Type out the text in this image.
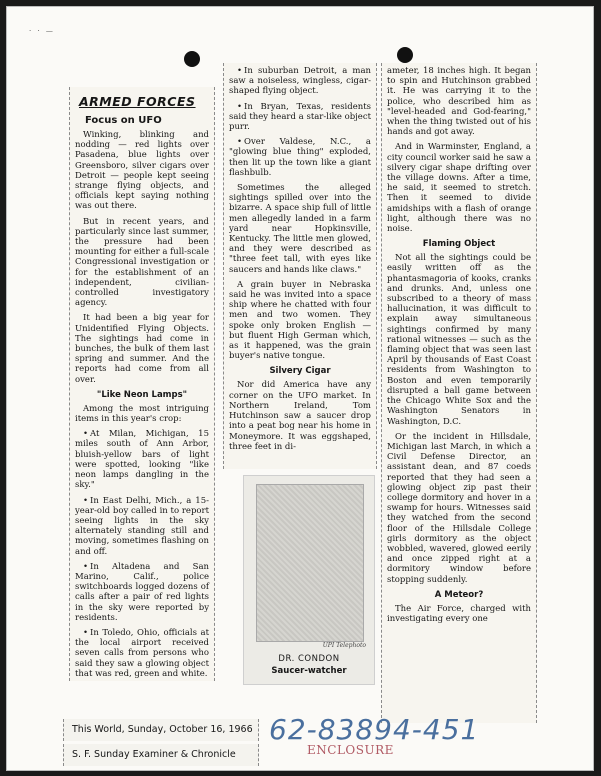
· · —
ARMED FORCES
Focus on UFO

Winking, blinking and nodding — red lights over Pasadena, blue lights over Greensboro, silver cigars over Detroit — people kept seeing strange flying objects, and officials kept saying nothing was out there.

But in recent years, and particularly since last summer, the pressure had been mounting for either a full-scale Congressional investigation or for the establishment of an independent, civilian-controlled investigatory agency.

It had been a big year for Unidentified Flying Objects. The sightings had come in bunches, the bulk of them last spring and summer. And the reports had come from all over.

"Like Neon Lamps"

Among the most intriguing items in this year's crop:

• At Milan, Michigan, 15 miles south of Ann Arbor, bluish-yellow bars of light were spotted, looking "like neon lamps dangling in the sky."

• In East Delhi, Mich., a 15-year-old boy called in to report seeing lights in the sky alternately standing still and moving, sometimes flashing on and off.

• In Altadena and San Marino, Calif., police switchboards logged dozens of calls after a pair of red lights in the sky were reported by residents.

• In Toledo, Ohio, officials at the local airport received seven calls from persons who said they saw a glowing object that was red, green and white.

• In suburban Detroit, a man saw a noiseless, wingless, cigar-shaped flying object.

• In Bryan, Texas, residents said they heard a star-like object purr.

• Over Valdese, N.C., a "glowing blue thing" exploded, then lit up the town like a giant flashbulb.

Sometimes the alleged sightings spilled over into the bizarre. A space ship full of little men allegedly landed in a farm yard near Hopkinsville, Kentucky. The little men glowed, and they were described as "three feet tall, with eyes like saucers and hands like claws."

A grain buyer in Nebraska said he was invited into a space ship where he chatted with four men and two women. They spoke only broken English — but fluent High German which, as it happened, was the grain buyer's native tongue.

Silvery Cigar

Nor did America have any corner on the UFO market. In Northern Ireland, Tom Hutchinson saw a saucer drop into a peat bog near his home in Moneymore. It was eggshaped, three feet in di-

UPI Telephoto
DR. CONDON
Saucer-watcher

ameter, 18 inches high. It began to spin and Hutchinson grabbed it. He was carrying it to the police, who described him as "level-headed and God-fearing," when the thing twisted out of his hands and got away.

And in Warminster, England, a city council worker said he saw a silvery cigar shape drifting over the village downs. After a time, he said, it seemed to stretch. Then it seemed to divide amidships with a flash of orange light, although there was no noise.

Flaming Object

Not all the sightings could be easily written off as the phantasmagoria of kooks, cranks and drunks. And, unless one subscribed to a theory of mass hallucination, it was difficult to explain away simultaneous sightings confirmed by many rational witnesses — such as the flaming object that was seen last April by thousands of East Coast residents from Washington to Boston and even temporarily disrupted a ball game between the Chicago White Sox and the Washington Senators in Washington, D.C.

Or the incident in Hillsdale, Michigan last March, in which a Civil Defense Director, an assistant dean, and 87 coeds reported that they had seen a glowing object zip past their college dormitory and hover in a swamp for hours. Witnesses said they watched from the second floor of the Hillsdale College girls dormitory as the object wobbled, wavered, glowed eerily and once zipped right at a dormitory window before stopping suddenly.

A Meteor?

The Air Force, charged with investigating every one

This World, Sunday, October 16, 1966
S. F. Sunday Examiner & Chronicle
62-83894-451
ENCLOSURE
